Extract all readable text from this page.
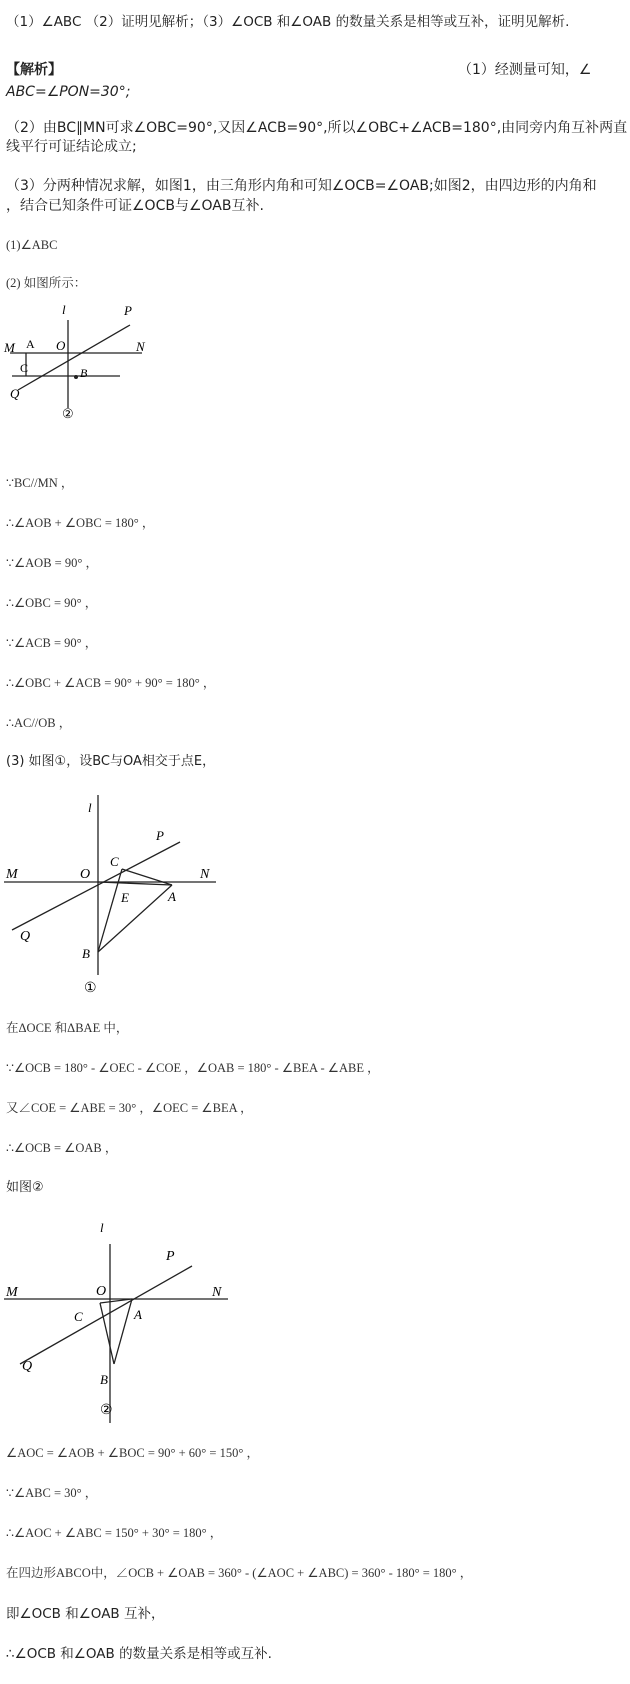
（1）∠ABC （2）证明见解析；（3）∠OCB 和∠OAB 的数量关系是相等或互补，证明见解析.
【解析】	（1）经测量可知，∠
ABC=∠PON=30°;
（2）由BC∥MN可求∠OBC=90°,又因∠ACB=90°,所以∠OBC+∠ACB=180°,由同旁内角互补两直
线平行可证结论成立;
（3）分两种情况求解，如图1，由三角形内角和可知∠OCB=∠OAB;如图2，由四边形的内角和
，结合已知条件可证∠OCB与∠OAB互补.
(1)∠ABC
(2) 如图所示：
l	P
M A O	N
C	B
Q
②
∵BC//MN ，
∴∠AOB + ∠OBC = 180° ，
∵∠AOB = 90° ，
∴∠OBC = 90° ，
∵∠ACB = 90° ，
∴∠OBC + ∠ACB = 90° + 90° = 180° ，
∴AC//OB ，
(3) 如图①，设BC与OA相交于点E，
l
P
C
M	O	N
E	A
Q
B
①
在ΔOCE 和ΔBAE 中，
∵∠OCB = 180° - ∠OEC - ∠COE ，∠OAB = 180° - ∠BEA - ∠ABE ，
又∠COE = ∠ABE = 30° ，∠OEC = ∠BEA ，
∴∠OCB = ∠OAB ，
如图②
l
P
M	O	N
C	A
Q
B
②
∠AOC = ∠AOB + ∠BOC = 90° + 60° = 150° ，
∵∠ABC = 30° ，
∴∠AOC + ∠ABC = 150° + 30° = 180° ，
在四边形ABCO中，∠OCB + ∠OAB = 360° - (∠AOC + ∠ABC) = 360° - 180° = 180° ，
即∠OCB 和∠OAB 互补，
∴∠OCB 和∠OAB 的数量关系是相等或互补.
